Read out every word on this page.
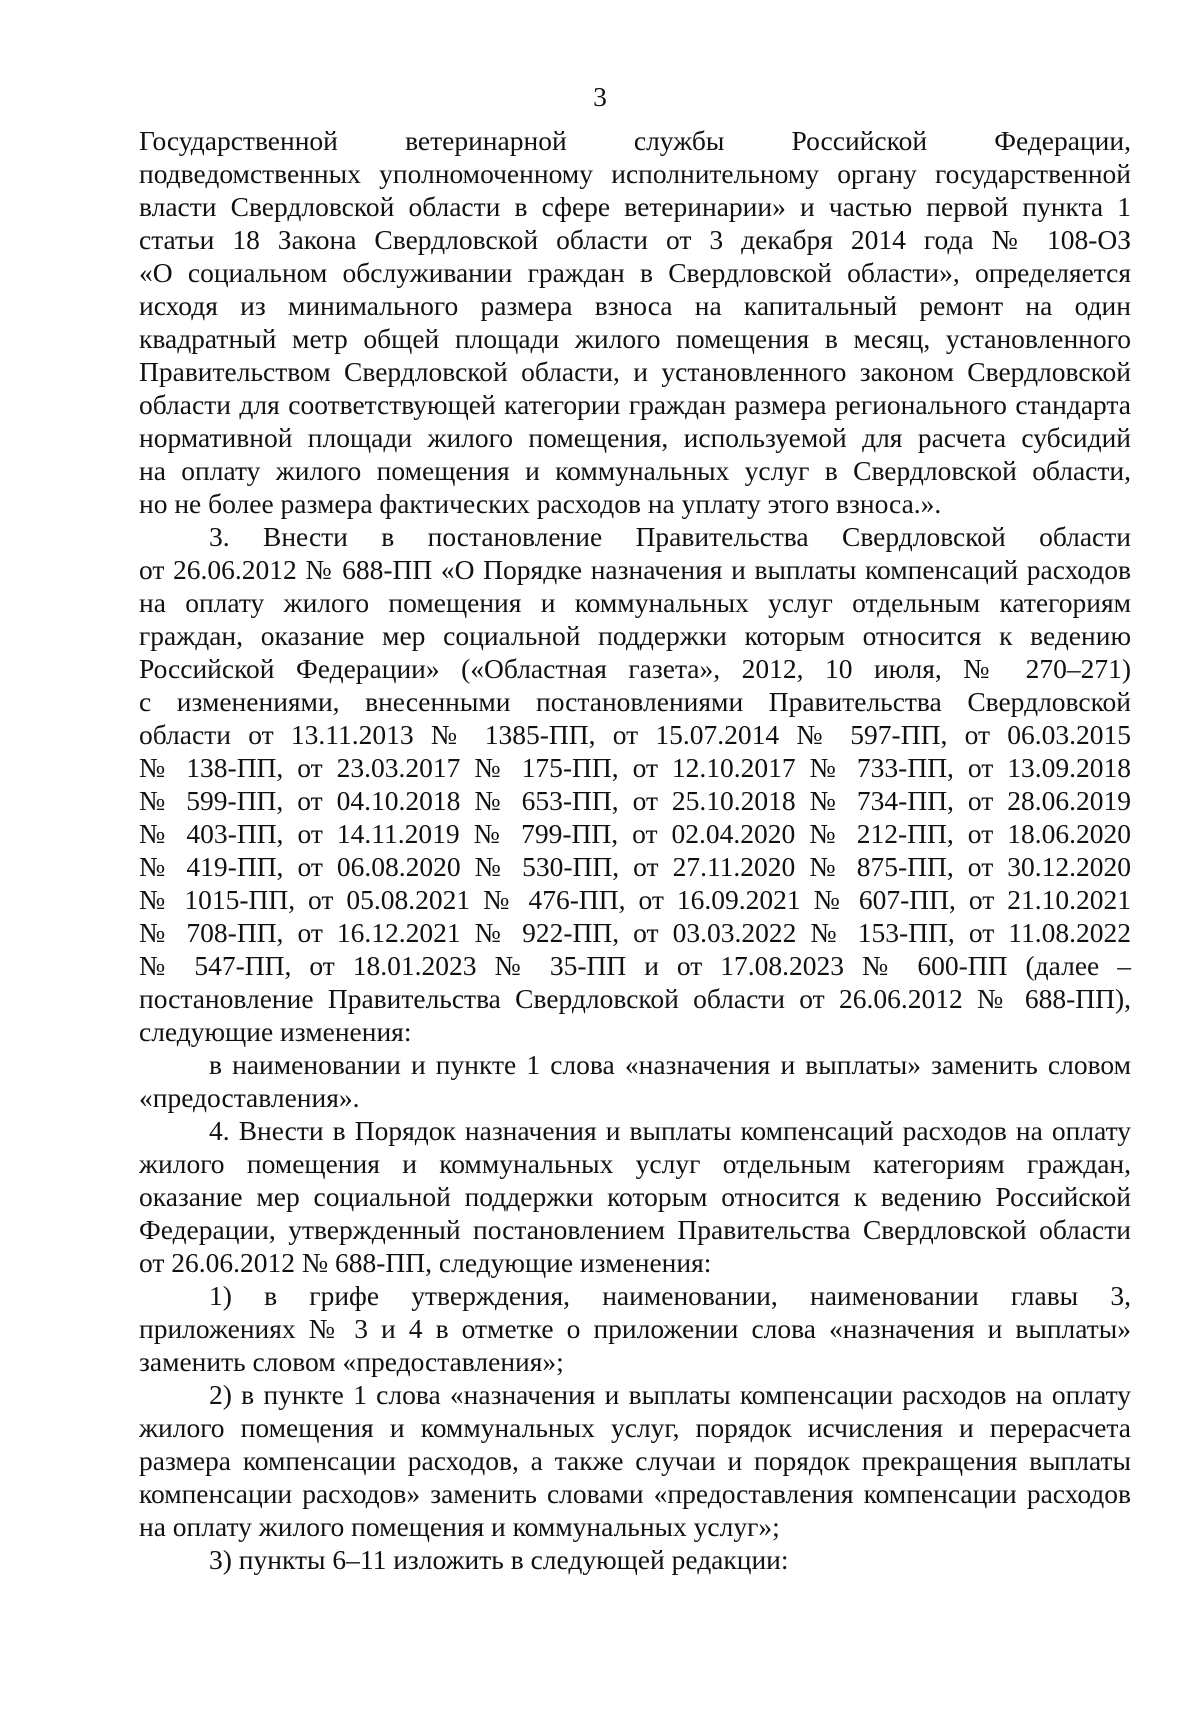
3
Государственной ветеринарной службы Российской Федерации,
подведомственных уполномоченному исполнительному органу государственной
власти Свердловской области в сфере ветеринарии» и частью первой пункта 1
статьи 18 Закона Свердловской области от 3 декабря 2014 года № 108-ОЗ
«О социальном обслуживании граждан в Свердловской области», определяется
исходя из минимального размера взноса на капитальный ремонт на один
квадратный метр общей площади жилого помещения в месяц, установленного
Правительством Свердловской области, и установленного законом Свердловской
области для соответствующей категории граждан размера регионального стандарта
нормативной площади жилого помещения, используемой для расчета субсидий
на оплату жилого помещения и коммунальных услуг в Свердловской области,
но не более размера фактических расходов на уплату этого взноса.».
3. Внести в постановление Правительства Свердловской области
от 26.06.2012 № 688-ПП «О Порядке назначения и выплаты компенсаций расходов
на оплату жилого помещения и коммунальных услуг отдельным категориям
граждан, оказание мер социальной поддержки которым относится к ведению
Российской Федерации» («Областная газета», 2012, 10 июля, № 270–271)
с изменениями, внесенными постановлениями Правительства Свердловской
области от 13.11.2013 № 1385-ПП, от 15.07.2014 № 597-ПП, от 06.03.2015
№ 138-ПП, от 23.03.2017 № 175-ПП, от 12.10.2017 № 733-ПП, от 13.09.2018
№ 599-ПП, от 04.10.2018 № 653-ПП, от 25.10.2018 № 734-ПП, от 28.06.2019
№ 403-ПП, от 14.11.2019 № 799-ПП, от 02.04.2020 № 212-ПП, от 18.06.2020
№ 419-ПП, от 06.08.2020 № 530-ПП, от 27.11.2020 № 875-ПП, от 30.12.2020
№ 1015-ПП, от 05.08.2021 № 476-ПП, от 16.09.2021 № 607-ПП, от 21.10.2021
№ 708-ПП, от 16.12.2021 № 922-ПП, от 03.03.2022 № 153-ПП, от 11.08.2022
№ 547-ПП, от 18.01.2023 № 35-ПП и от 17.08.2023 № 600-ПП (далее –
постановление Правительства Свердловской области от 26.06.2012 № 688-ПП),
следующие изменения:
в наименовании и пункте 1 слова «назначения и выплаты» заменить словом
«предоставления».
4. Внести в Порядок назначения и выплаты компенсаций расходов на оплату
жилого помещения и коммунальных услуг отдельным категориям граждан,
оказание мер социальной поддержки которым относится к ведению Российской
Федерации, утвержденный постановлением Правительства Свердловской области
от 26.06.2012 № 688-ПП, следующие изменения:
1) в грифе утверждения, наименовании, наименовании главы 3,
приложениях № 3 и 4 в отметке о приложении слова «назначения и выплаты»
заменить словом «предоставления»;
2) в пункте 1 слова «назначения и выплаты компенсации расходов на оплату
жилого помещения и коммунальных услуг, порядок исчисления и перерасчета
размера компенсации расходов, а также случаи и порядок прекращения выплаты
компенсации расходов» заменить словами «предоставления компенсации расходов
на оплату жилого помещения и коммунальных услуг»;
3) пункты 6–11 изложить в следующей редакции:
